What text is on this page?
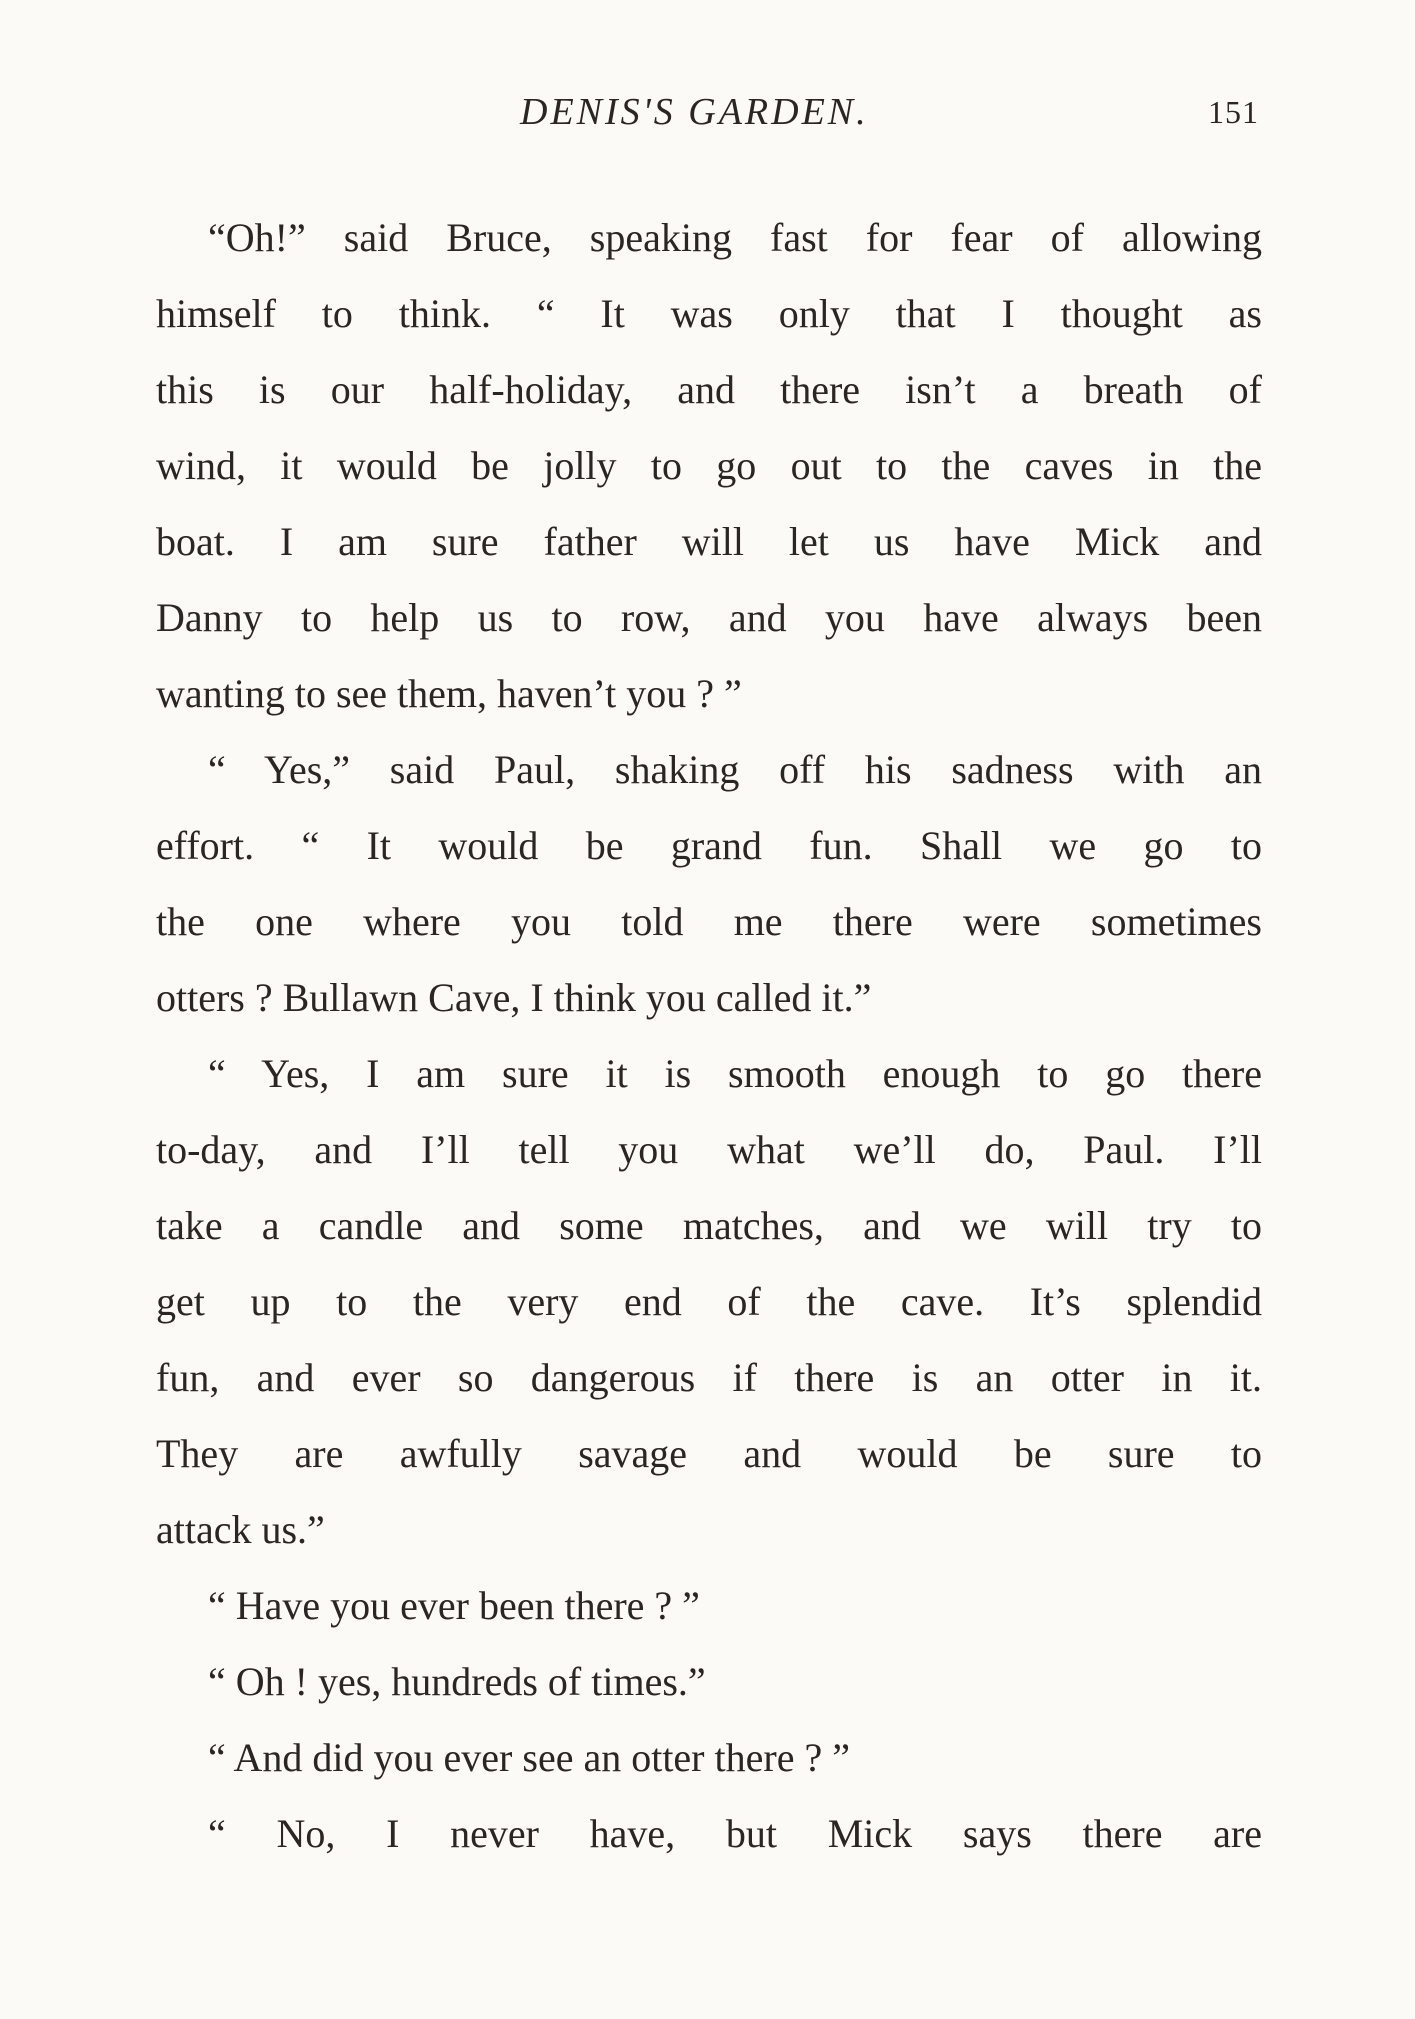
DENIS'S GARDEN.	151
“Oh!” said Bruce, speaking fast for fear of allowing
himself to think. “ It was only that I thought as
this is our half-holiday, and there isn’t a breath of
wind, it would be jolly to go out to the caves in the
boat. I am sure father will let us have Mick and
Danny to help us to row, and you have always been
wanting to see them, haven’t you ? ”
“ Yes,” said Paul, shaking off his sadness with an
effort. “ It would be grand fun. Shall we go to
the one where you told me there were sometimes
otters ? Bullawn Cave, I think you called it.”
“ Yes, I am sure it is smooth enough to go there
to-day, and I’ll tell you what we’ll do, Paul. I’ll
take a candle and some matches, and we will try to
get up to the very end of the cave. It’s splendid
fun, and ever so dangerous if there is an otter in it.
They are awfully savage and would be sure to
attack us.”
“ Have you ever been there ? ”
“ Oh ! yes, hundreds of times.”
“ And did you ever see an otter there ? ”
“ No, I never have, but Mick says there are
